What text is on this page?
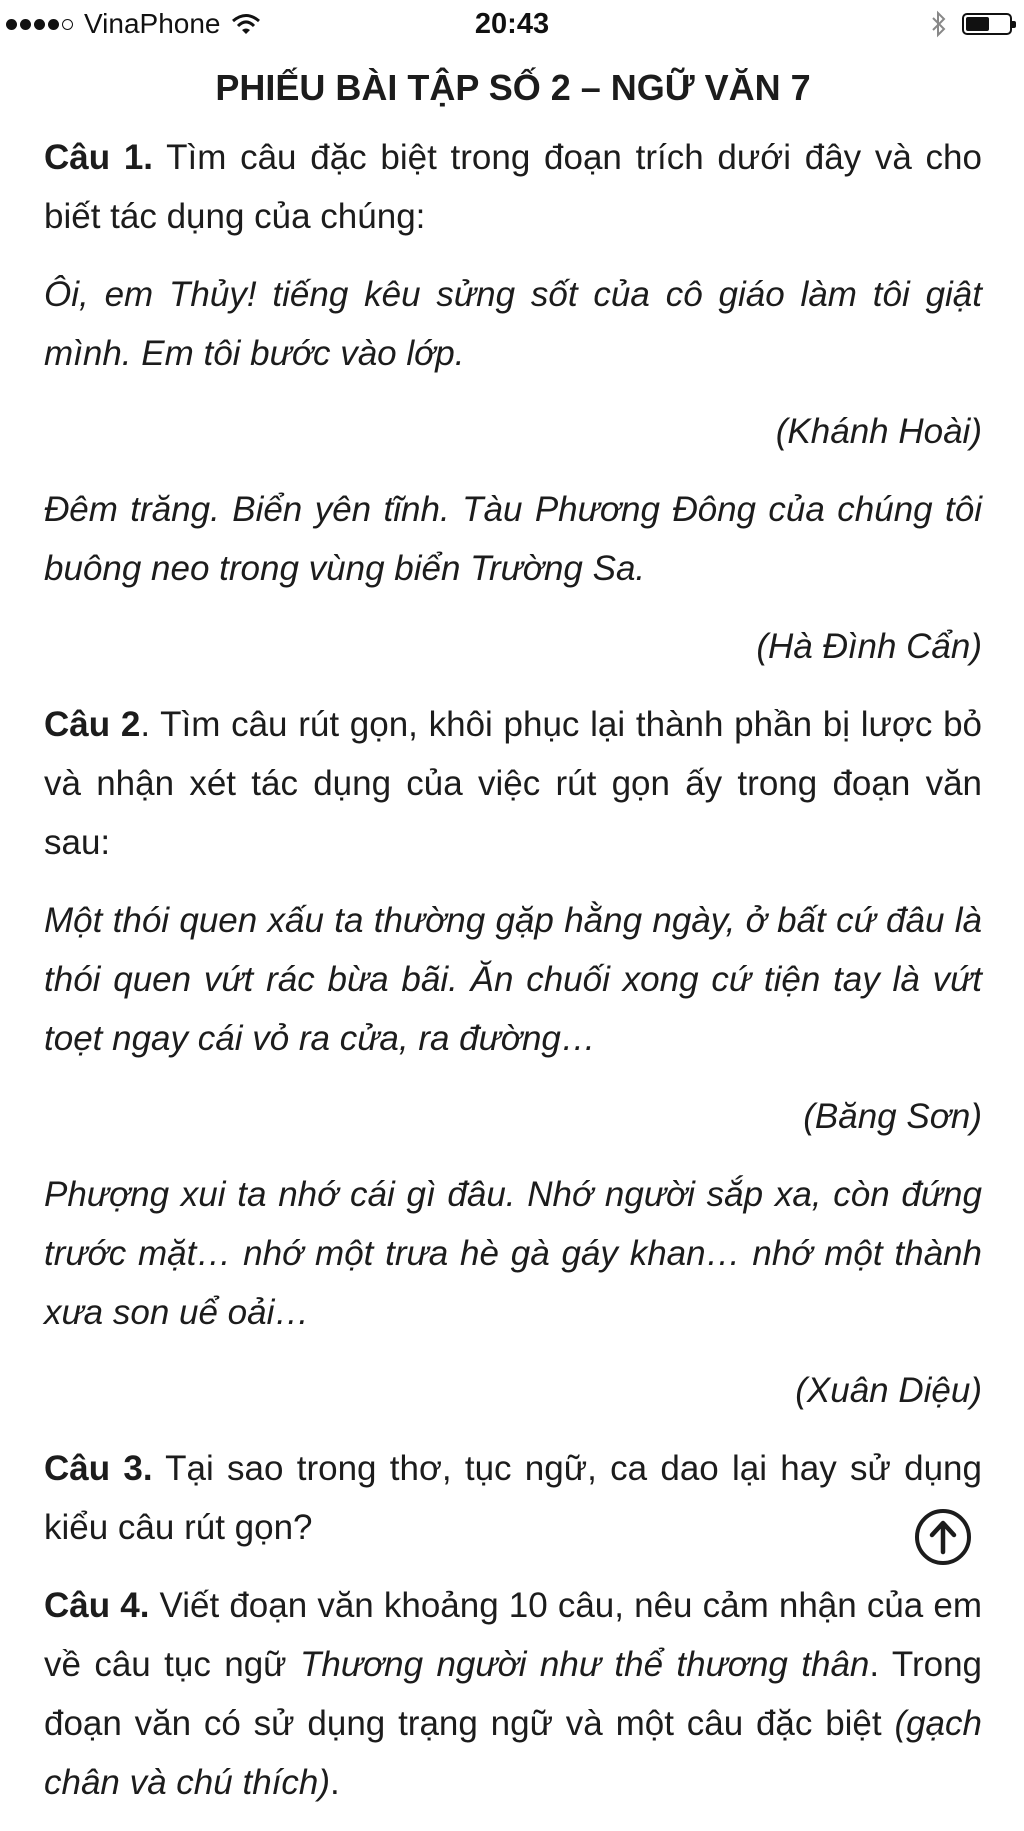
VinaPhone	20:43
PHIẾU BÀI TẬP SỐ 2 – NGỮ VĂN 7

Câu 1. Tìm câu đặc biệt trong đoạn trích dưới đây và cho biết tác dụng của chúng:

Ôi, em Thủy! tiếng kêu sửng sốt của cô giáo làm tôi giật mình. Em tôi bước vào lớp.

(Khánh Hoài)

Đêm trăng. Biển yên tĩnh. Tàu Phương Đông của chúng tôi buông neo trong vùng biển Trường Sa.

(Hà Đình Cẩn)

Câu 2. Tìm câu rút gọn, khôi phục lại thành phần bị lược bỏ và nhận xét tác dụng của việc rút gọn ấy trong đoạn văn sau:

Một thói quen xấu ta thường gặp hằng ngày, ở bất cứ đâu là thói quen vứt rác bừa bãi. Ăn chuối xong cứ tiện tay là vứt toẹt ngay cái vỏ ra cửa, ra đường…

(Băng Sơn)

Phượng xui ta nhớ cái gì đâu. Nhớ người sắp xa, còn đứng trước mặt… nhớ một trưa hè gà gáy khan… nhớ một thành xưa son uể oải…

(Xuân Diệu)

Câu 3. Tại sao trong thơ, tục ngữ, ca dao lại hay sử dụng kiểu câu rút gọn?

Câu 4. Viết đoạn văn khoảng 10 câu, nêu cảm nhận của em về câu tục ngữ Thương người như thể thương thân. Trong đoạn văn có sử dụng trạng ngữ và một câu đặc biệt (gạch chân và chú thích).
